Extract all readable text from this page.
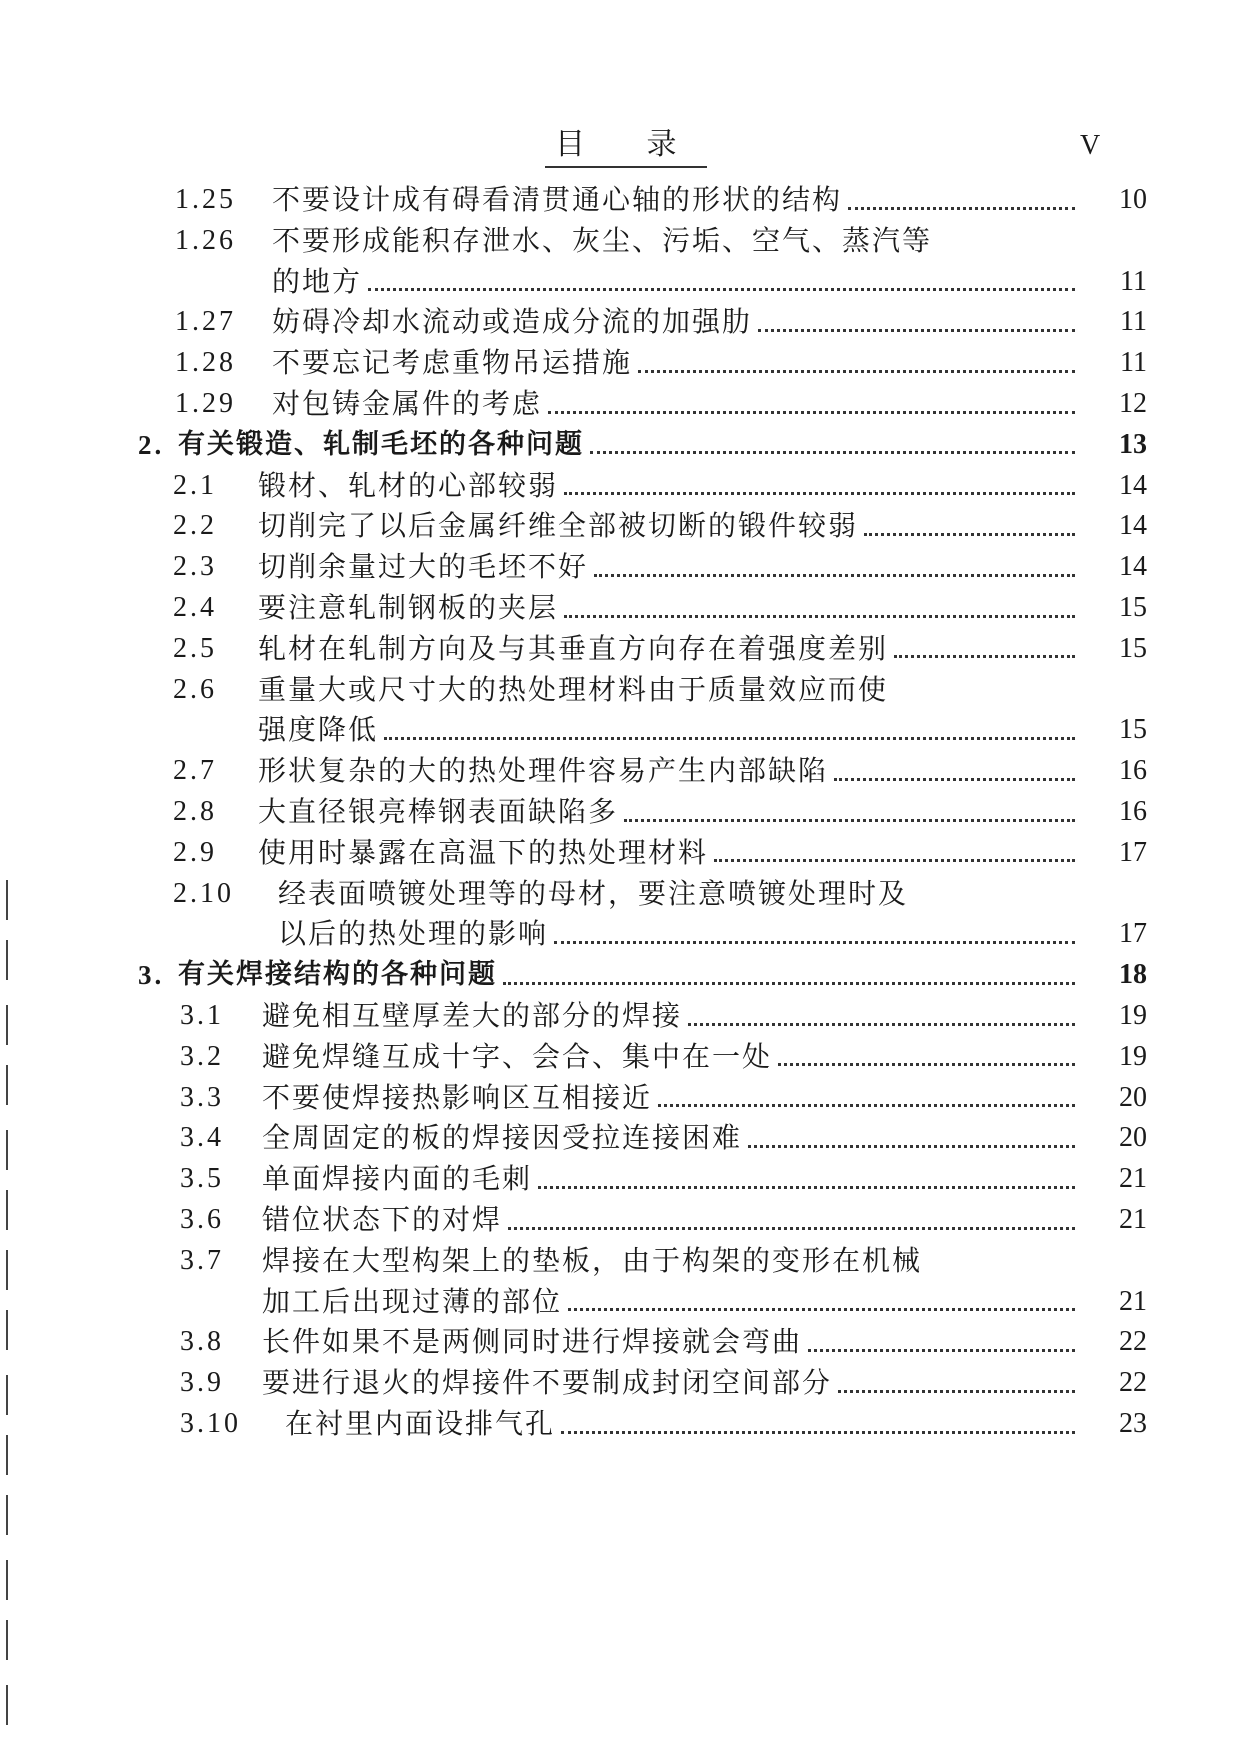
目 录	V
1.25 不要设计成有碍看清贯通心轴的形状的结构	10
1.26 不要形成能积存泄水、灰尘、污垢、空气、蒸汽等
的地方	11
1.27 妨碍冷却水流动或造成分流的加强肋	11
1.28 不要忘记考虑重物吊运措施	11
1.29 对包铸金属件的考虑	12
2. 有关锻造、轧制毛坯的各种问题	13
2.1 锻材、轧材的心部较弱	14
2.2 切削完了以后金属纤维全部被切断的锻件较弱	14
2.3 切削余量过大的毛坯不好	14
2.4 要注意轧制钢板的夹层	15
2.5 轧材在轧制方向及与其垂直方向存在着强度差别	15
2.6 重量大或尺寸大的热处理材料由于质量效应而使
强度降低	15
2.7 形状复杂的大的热处理件容易产生内部缺陷	16
2.8 大直径银亮棒钢表面缺陷多	16
2.9 使用时暴露在高温下的热处理材料	17
2.10 经表面喷镀处理等的母材，要注意喷镀处理时及
以后的热处理的影响	17
3. 有关焊接结构的各种问题	18
3.1 避免相互壁厚差大的部分的焊接	19
3.2 避免焊缝互成十字、会合、集中在一处	19
3.3 不要使焊接热影响区互相接近	20
3.4 全周固定的板的焊接因受拉连接困难	20
3.5 单面焊接内面的毛刺	21
3.6 错位状态下的对焊	21
3.7 焊接在大型构架上的垫板，由于构架的变形在机械
加工后出现过薄的部位	21
3.8 长件如果不是两侧同时进行焊接就会弯曲	22
3.9 要进行退火的焊接件不要制成封闭空间部分	22
3.10 在衬里内面设排气孔	23
